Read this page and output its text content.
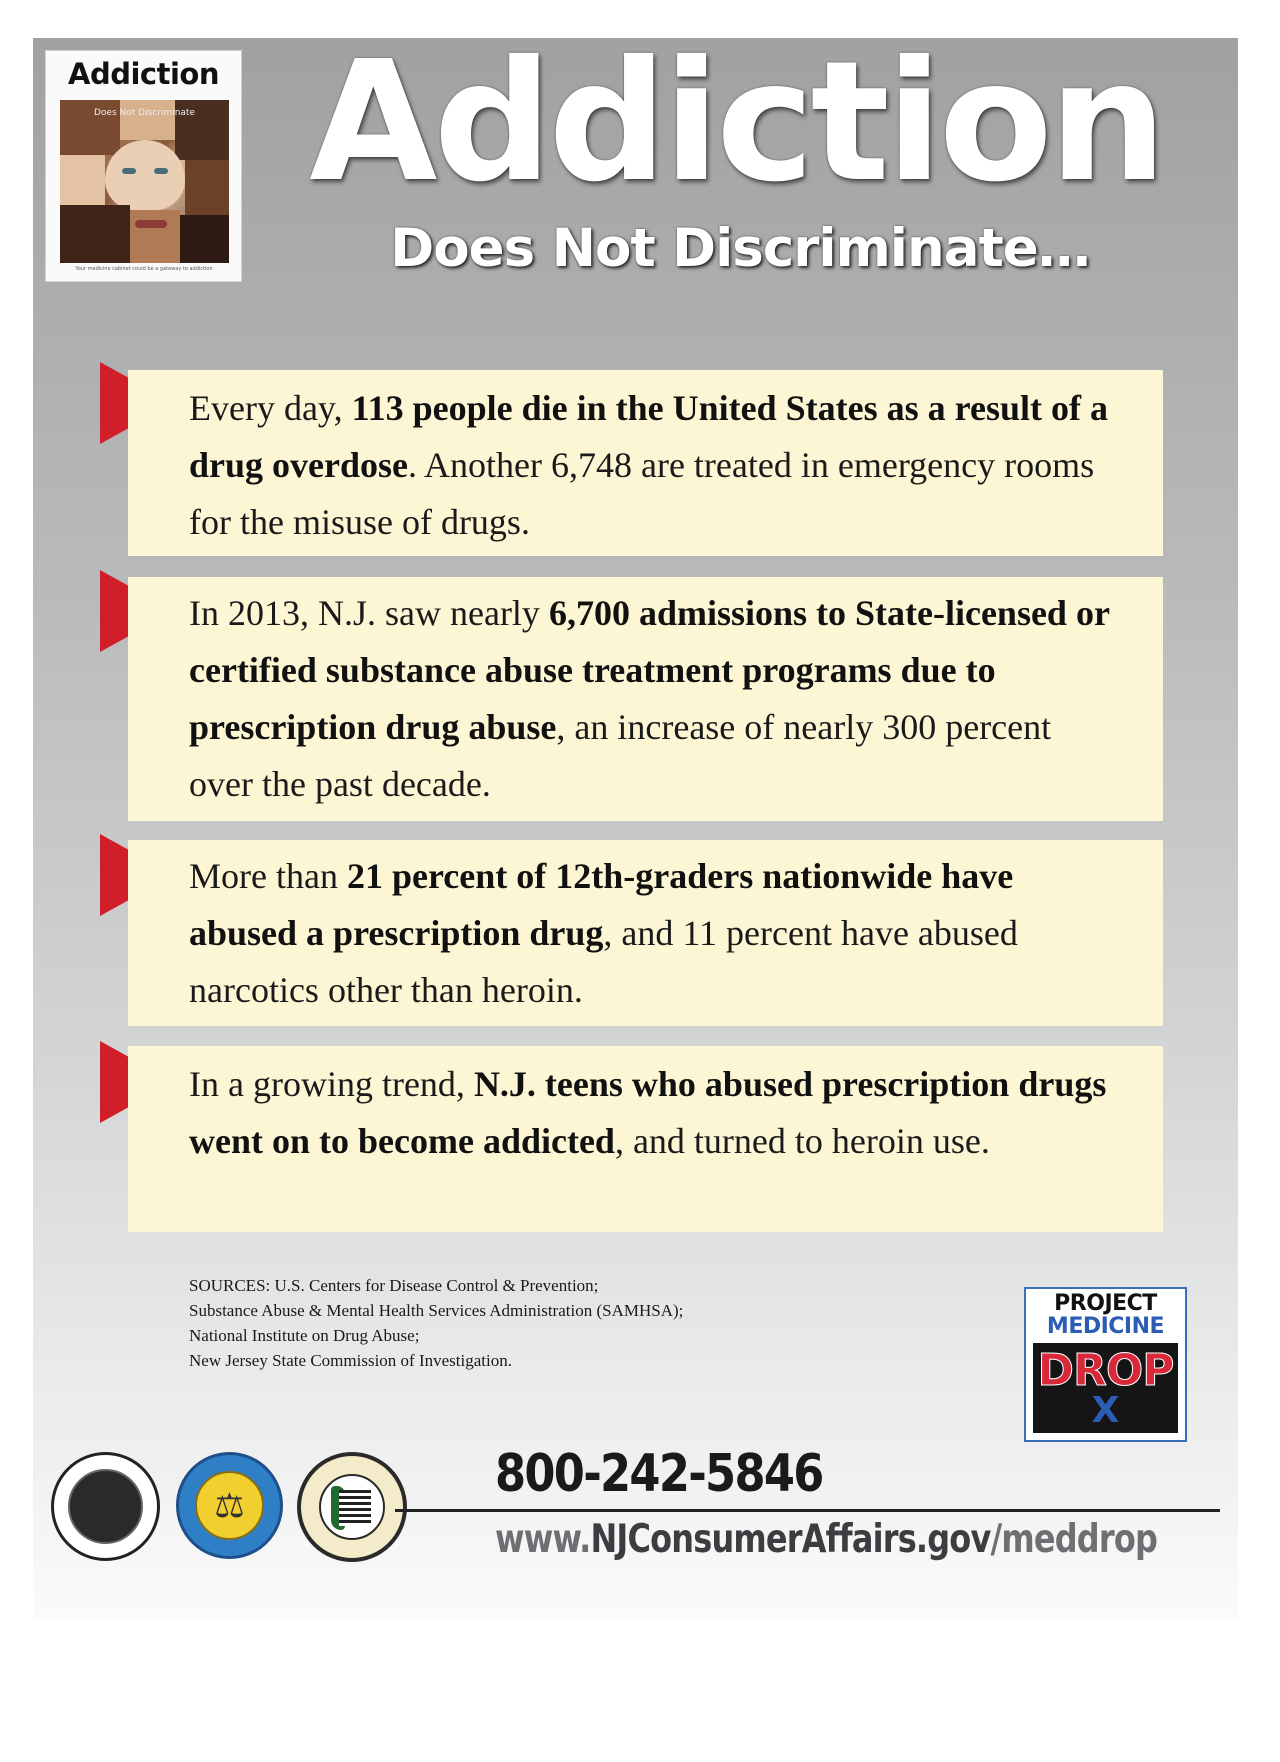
Addiction
Does Not Discriminate
Your medicine cabinet could be a gateway to addiction
Addiction
Does Not Discriminate…

Every day, 113 people die in the United States as a result of a drug overdose. Another 6,748 are treated in emergency rooms for the misuse of drugs.

In 2013, N.J. saw nearly 6,700 admissions to State-licensed or certified substance abuse treatment programs due to prescription drug abuse, an increase of nearly 300 percent over the past decade.

More than 21 percent of 12th-graders nationwide have abused a prescription drug, and 11 percent have abused narcotics other than heroin.

In a growing trend, N.J. teens who abused prescription drugs went on to become addicted, and turned to heroin use.

SOURCES: U.S. Centers for Disease Control & Prevention;
Substance Abuse & Mental Health Services Administration (SAMHSA);
National Institute on Drug Abuse;
New Jersey State Commission of Investigation.
PROJECT
MEDICINE
DROP
X
⚖
800-242-5846
www.NJConsumerAffairs.gov/meddrop
